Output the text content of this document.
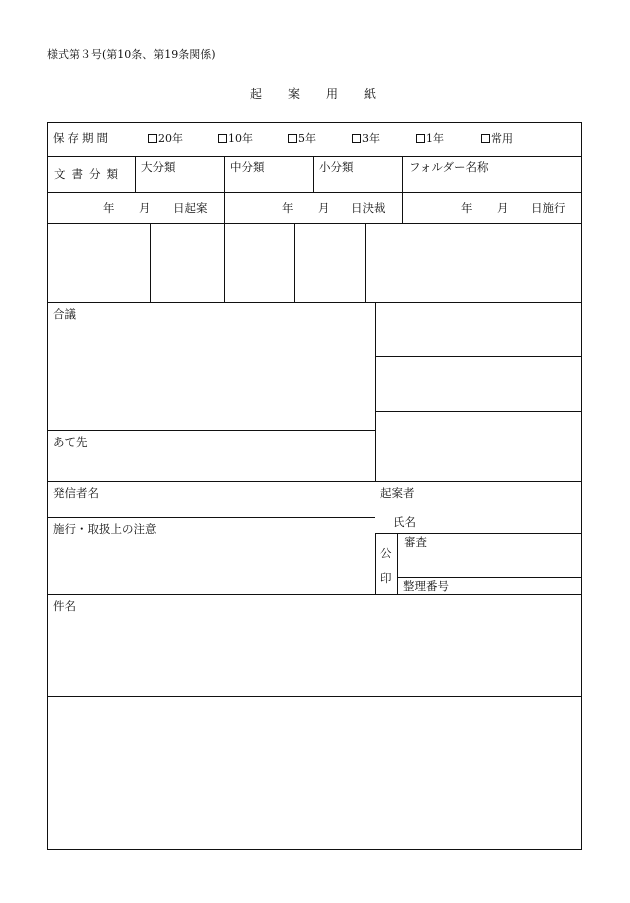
様式第３号(第10条、第19条関係)
起 案 用 紙
保存期間	20年	10年	5年	3年	1年	常用
文書分類 大分類	中分類	小分類	フォルダー名称
年 月 日起案	年 月 日決裁	年 月 日施行
合議
あて先
発信者名	起案者
氏名
施行・取扱上の注意
公
印
審査
整理番号
件名
